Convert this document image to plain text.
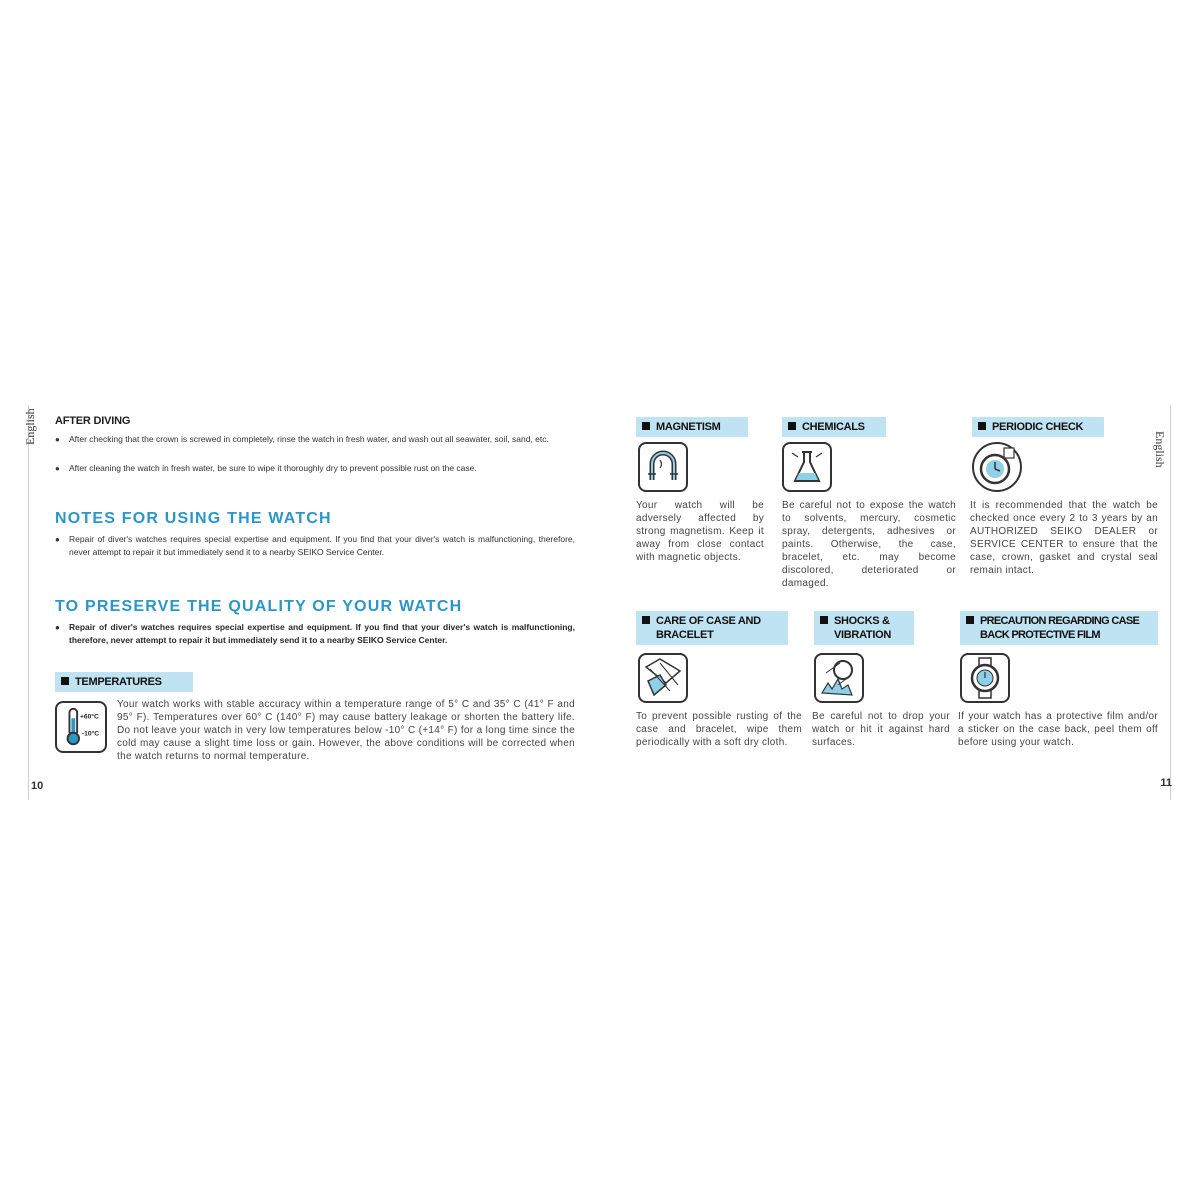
English AFTER DIVING
●	After checking that the crown is screwed in completely, rinse the watch in fresh water, and wash out all seawater, soil, sand, etc.
●	After cleaning the watch in fresh water, be sure to wipe it thoroughly dry to prevent possible rust on the case.
NOTES FOR USING THE WATCH
●	Repair of diver's watches requires special expertise and equipment. If you find that your diver's watch is malfunctioning, therefore, never attempt to repair it but immediately send it to a nearby SEIKO Service Center.
TO PRESERVE THE QUALITY OF YOUR WATCH
●	Repair of diver's watches requires special expertise and equipment. If you find that your diver's watch is malfunctioning, therefore, never attempt to repair it but immediately send it to a nearby SEIKO Service Center.
TEMPERATURES
+60°C
-10°C
Your watch works with stable accuracy within a temperature range of 5° C and 35° C (41° F and 95° F). Temperatures over 60° C (140° F) may cause battery leakage or shorten the battery life. Do not leave your watch in very low temperatures below -10° C (+14° F) for a long time since the cold may cause a slight time loss or gain. However, the above conditions will be corrected when the watch returns to normal temperature.
10
English
MAGNETISM	CHEMICALS	PERIODIC CHECK
Your watch will be adversely affected by strong magnetism. Keep it away from close contact with magnetic objects.
Be careful not to expose the watch to solvents, mercury, cosmetic spray, detergents, adhesives or paints. Otherwise, the case, bracelet, etc. may become discolored, deteriorated or damaged.
It is recommended that the watch be checked once every 2 to 3 years by an AUTHORIZED SEIKO DEALER or SERVICE CENTER to ensure that the case, crown, gasket and crystal seal remain intact.
CARE OF CASE AND
BRACELET
SHOCKS &
VIBRATION
PRECAUTION REGARDING CASE
BACK PROTECTIVE FILM
To prevent possible rusting of the case and bracelet, wipe them periodically with a soft dry cloth.
Be careful not to drop your watch or hit it against hard surfaces.
If your watch has a protective film and/or a sticker on the case back, peel them off before using your watch.
11
